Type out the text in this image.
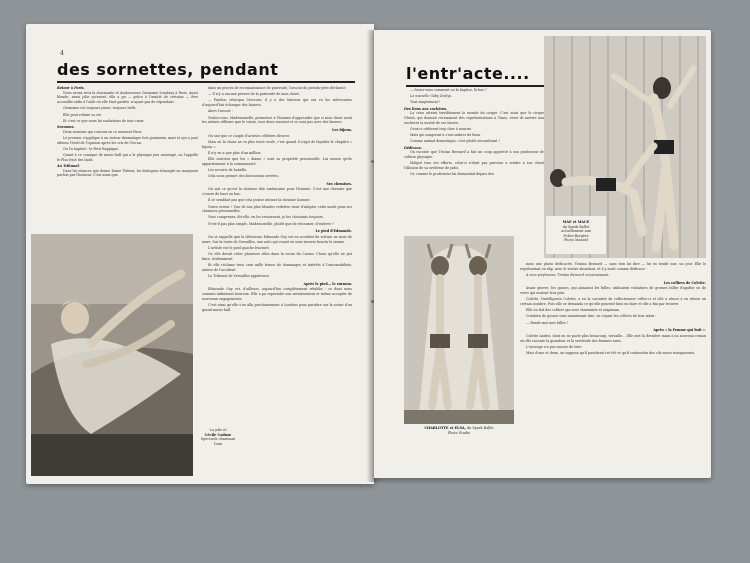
4
des sornettes, pendant
Retour à Paris.

Nous avons revu la charmante et douloureuse Germaine Sombray à Paris. Aussi blonde, aussi jolie qu'avant, elle a pu — grâce à l'amitié de certains — être accueillie enfin à l'aide où elle était gardée, n'ayant pas de répondant.

Germaine est toujours jeune, toujours belle.

Elle peut refaire sa vie.

Et c'est ce que nous lui souhaitons de tout cœur.

Surnoms.

Deux surnoms qui courent en ce moment Paris.

Le premier s'applique à un auteur dramatique fort gommeux, mari et qui a joué obtenu l'éveil de l'opinion après les cris de l'écran.

On l'a baptisé : le Petit Rappique.

Quant à ce comique de music-hall qui a le physique peu avantagé, on l'appelle le Plus frisé des laids.

Au Tribunal.

Dans les séances que donne Dame Thémis, les dialogues échangés en marquent parfois par l'humour. C'est ainsi que

dans un procès de reconnaissance de paternité, l'avocat du pseudo-père déclarait :

— Il n'y a aucune preuve de la paternité de mon client.

— Pardon, rétorqua l'avocate, il y a des témoins qui ont vu les adversaires d'aujourd'hui échanger des baisers.

Alors l'avocat :

Voulez-vous, Mademoiselle, permettre à l'homme d'apprendre que si mon client avait les mêmes réflexes que le voisin, tous deux seraient et se sont pas avec des baisers.

Les bijoux.

On sait que ce couple d'acteurs célèbres divorce.

Mais où la chose ne va plus toute seule, c'est quand il s'agit de liquider le chapitre « bijoux ».

Il n'y en a que plus d'un million.

Elle soutient que les « diams » sont sa propriété personnelle. Lui assure qu'ils appartiennent à la communauté.

Les avocats de bataille.

Cela nous promet des discussions serrées.

Ses chemises.

On sait ce qu'est la chemise dite américaine pour l'homme. C'est une chemise que s'ouvre de haut en bas.

Il se semblait pas que cela puisse intimer la chemise homme.

Grave erreur ! Une de nos plus blondes vedettes vient d'adopter cette mode pour ses chemises personnelles.

Vous comprenez, dit-elle, en les retournant, je les choisirais toujours.

N'est-il pas plus simple, Mademoiselle, plutôt que de retourner, d'enlever ?

Le pied d'Edmonde.

On se rappelle que la délicieuse Edmonde Guy est en accident de voiture au mois de mars. Sur la route de Versailles, une auto qui venait en sens inverse heurta la sienne.

L'artiste eut le pied gauche fracturé.

Or, elle devait créer plusieurs rôles dans la revue du Casino. Chose qu'elle ne put faire, évidemment.

Et elle réclame trois cent mille francs de dommages et intérêts à l'automobiliste, auteur de l'accident.

Le Tribunal de Versailles appréciera.

Après le pied... le surnom.

Edmonde Guy est, d'ailleurs, aujourd'hui complètement rétablie : ce dont nous sommes infiniment heureux. Elle a pu reprendre son entraînement et même accepter de nouveaux engagements.

C'est ainsi qu'elle s'en alla prochainement à Londres pour paraître sur la scène d'un grand music-hall.

La jolie et
Cécile Caduse
Spectacle charmant
Dom
l'entr'acte....

— Savez-vous comment on la baptise, là-bas ?

La nouvelle Gaby Deslys.

Tout simplement !

Des lions aux cochères.

La crise atteint terriblement le monde du cirque. C'est ainsi que le cirque Gleich, qui donnait récemment des représentations à Tunis, vient de mettre aux enchères la moitié de ses fauves.

Ceux-ci cédèrent trop cher à nourrir.

Mais qui songerait à s'encombrer de lions.

Comme animal domestique, c'est plutôt encombrant !

Dédicace.

On raconte que Tristan Bernard a fait un coup apprécié à son professeur de culture physique.

Malgré tous ses efforts, celui-ci n'était pas parvenu à rendre à son client l'illusion de sa sveltesse de jadis.

Or, comme le professeur lui demandait depuis des

MAE et MACE
du Spark Ballet
actuellement aux
Folies-Bergère
Photo Manuel
CHARLOTTE et ELSA, du Spark Ballet
Photo Studio

mois une photo dédicacée, Tristan Bernard — sans rien lui dire — lui en tendit une, un jour. Elle le représentait en slip, avec le ventre abondant, et il y avait comme dédicace :

A mon professeur, Tristan Bernard reconnaissant.

Les colliers de Colette.

Avant guerre, les gosses, qui aimaient les billes, utilisaient volontiers de grosses billes d'agathe ou de verre qui avaient leur prix.

Colette, l'intelligente Colette, a eu la curiosité de collectionner celles-ci et elle a réussi à en réunir un certain nombre. Puis elle se demanda ce qu'elle pourrait bien en faire et elle a fini par trouver.

Elle en fait des colliers qui sont charmants et originaux.

Combien de gosses vont maintenant dire, en voyant les colliers de leur mère :

— Rends-moi mes billes !

Après « la Femme qui boit ».

Colette Andris, dont on ne parle plus beaucoup, travaille... Elle met la dernière main à un nouveau roman où elle raconte la grandeur et la servitude des femmes nues.

L'ouvrage n'a pas encore de titre.

Mais d'une et deux, on suppose qu'il paraîtrait cet été et qu'il contiendra des cils assez transparents.
